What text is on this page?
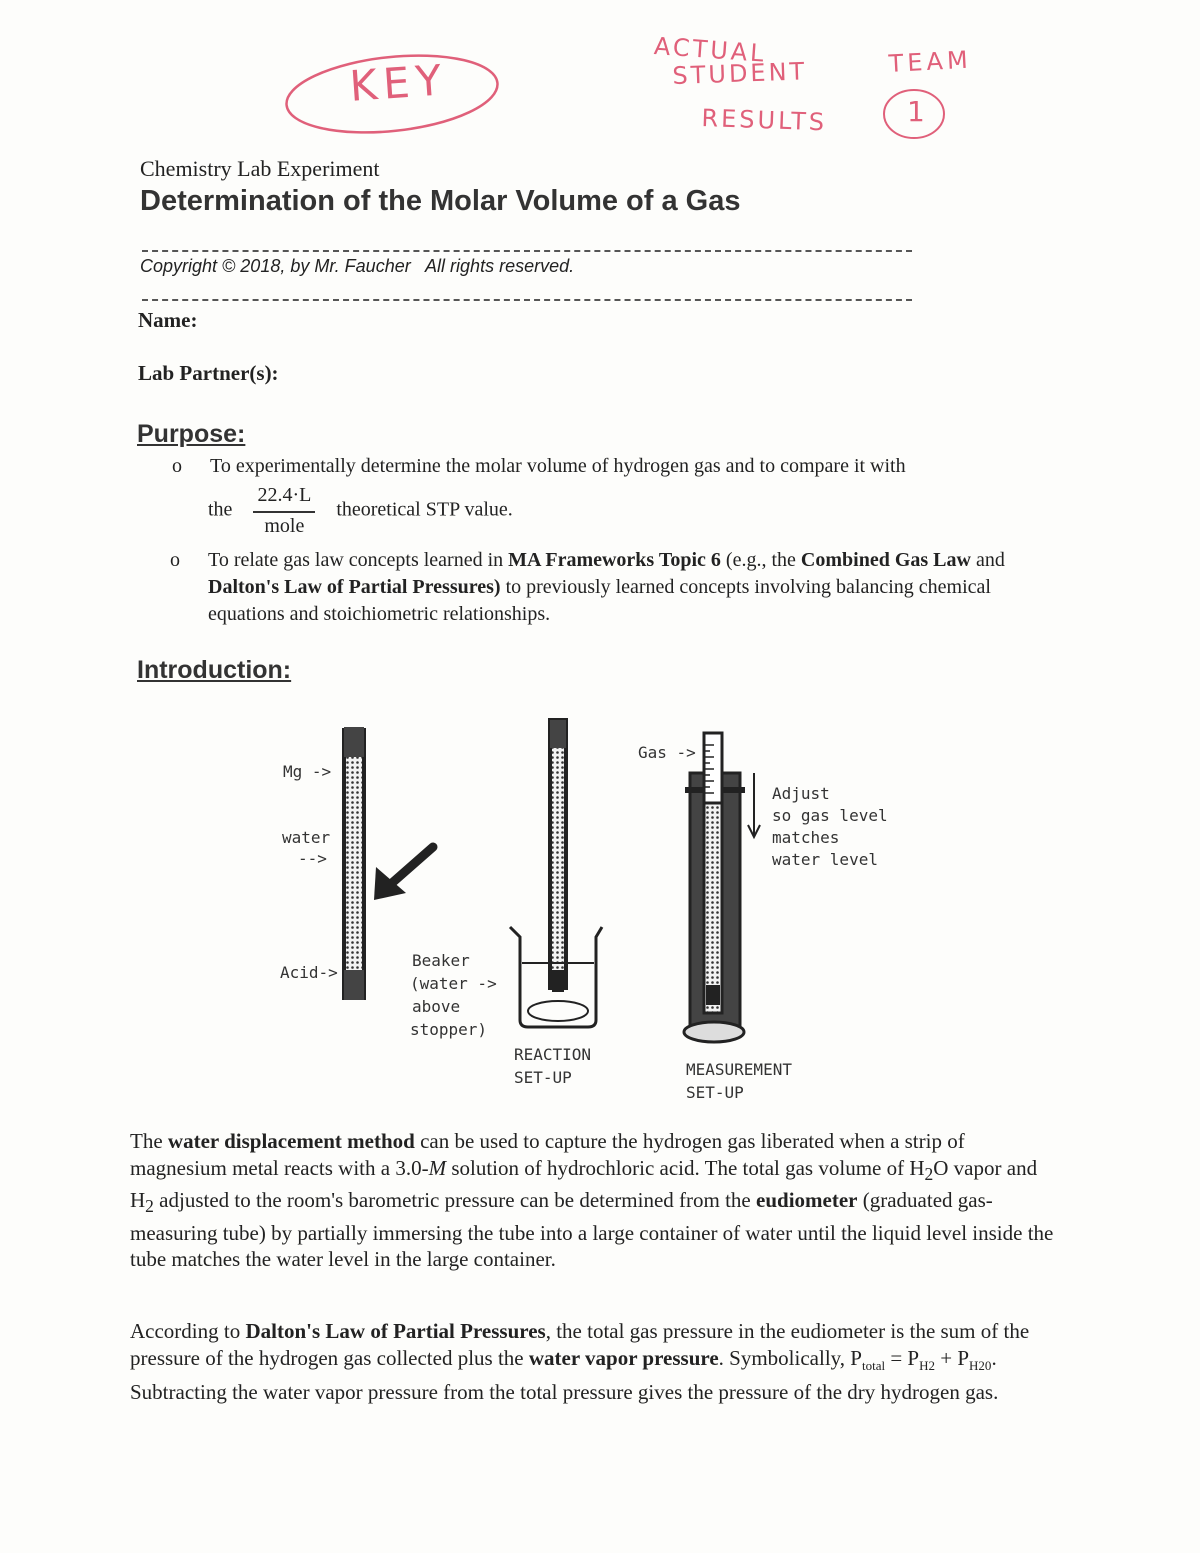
KEY
ACTUAL
STUDENT
RESULTS
TEAM
1
Chemistry Lab Experiment
Determination of the Molar Volume of a Gas
Copyright © 2018, by Mr. Faucher   All rights reserved.
Name:
Lab Partner(s):
Purpose:
o To experimentally determine the molar volume of hydrogen gas and to compare it with
the $\frac{22.4\cdot L}{\text{mole}}$ theoretical STP value.
o To relate gas law concepts learned in MA Frameworks Topic 6 (e.g., the Combined Gas Law and Dalton's Law of Partial Pressures) to previously learned concepts involving balancing chemical equations and stoichiometric relationships.
Introduction:
Mg ->
water
-->
Acid->
Beaker
(water ->
above
stopper)
REACTION
SET-UP
Gas ->
Adjust
so gas level
matches
water level
MEASUREMENT
SET-UP
The water displacement method can be used to capture the hydrogen gas liberated when a strip of magnesium metal reacts with a 3.0-M solution of hydrochloric acid. The total gas volume of $H_2O$ vapor and $H_2$ adjusted to the room's barometric pressure can be determined from the eudiometer (graduated gas-measuring tube) by partially immersing the tube into a large container of water until the liquid level inside the tube matches the water level in the large container.
According to Dalton's Law of Partial Pressures, the total gas pressure in the eudiometer is the sum of the pressure of the hydrogen gas collected plus the water vapor pressure. Symbolically, $P_{total} = P_{H2} + P_{H20}$. Subtracting the water vapor pressure from the total pressure gives the pressure of the dry hydrogen gas.
